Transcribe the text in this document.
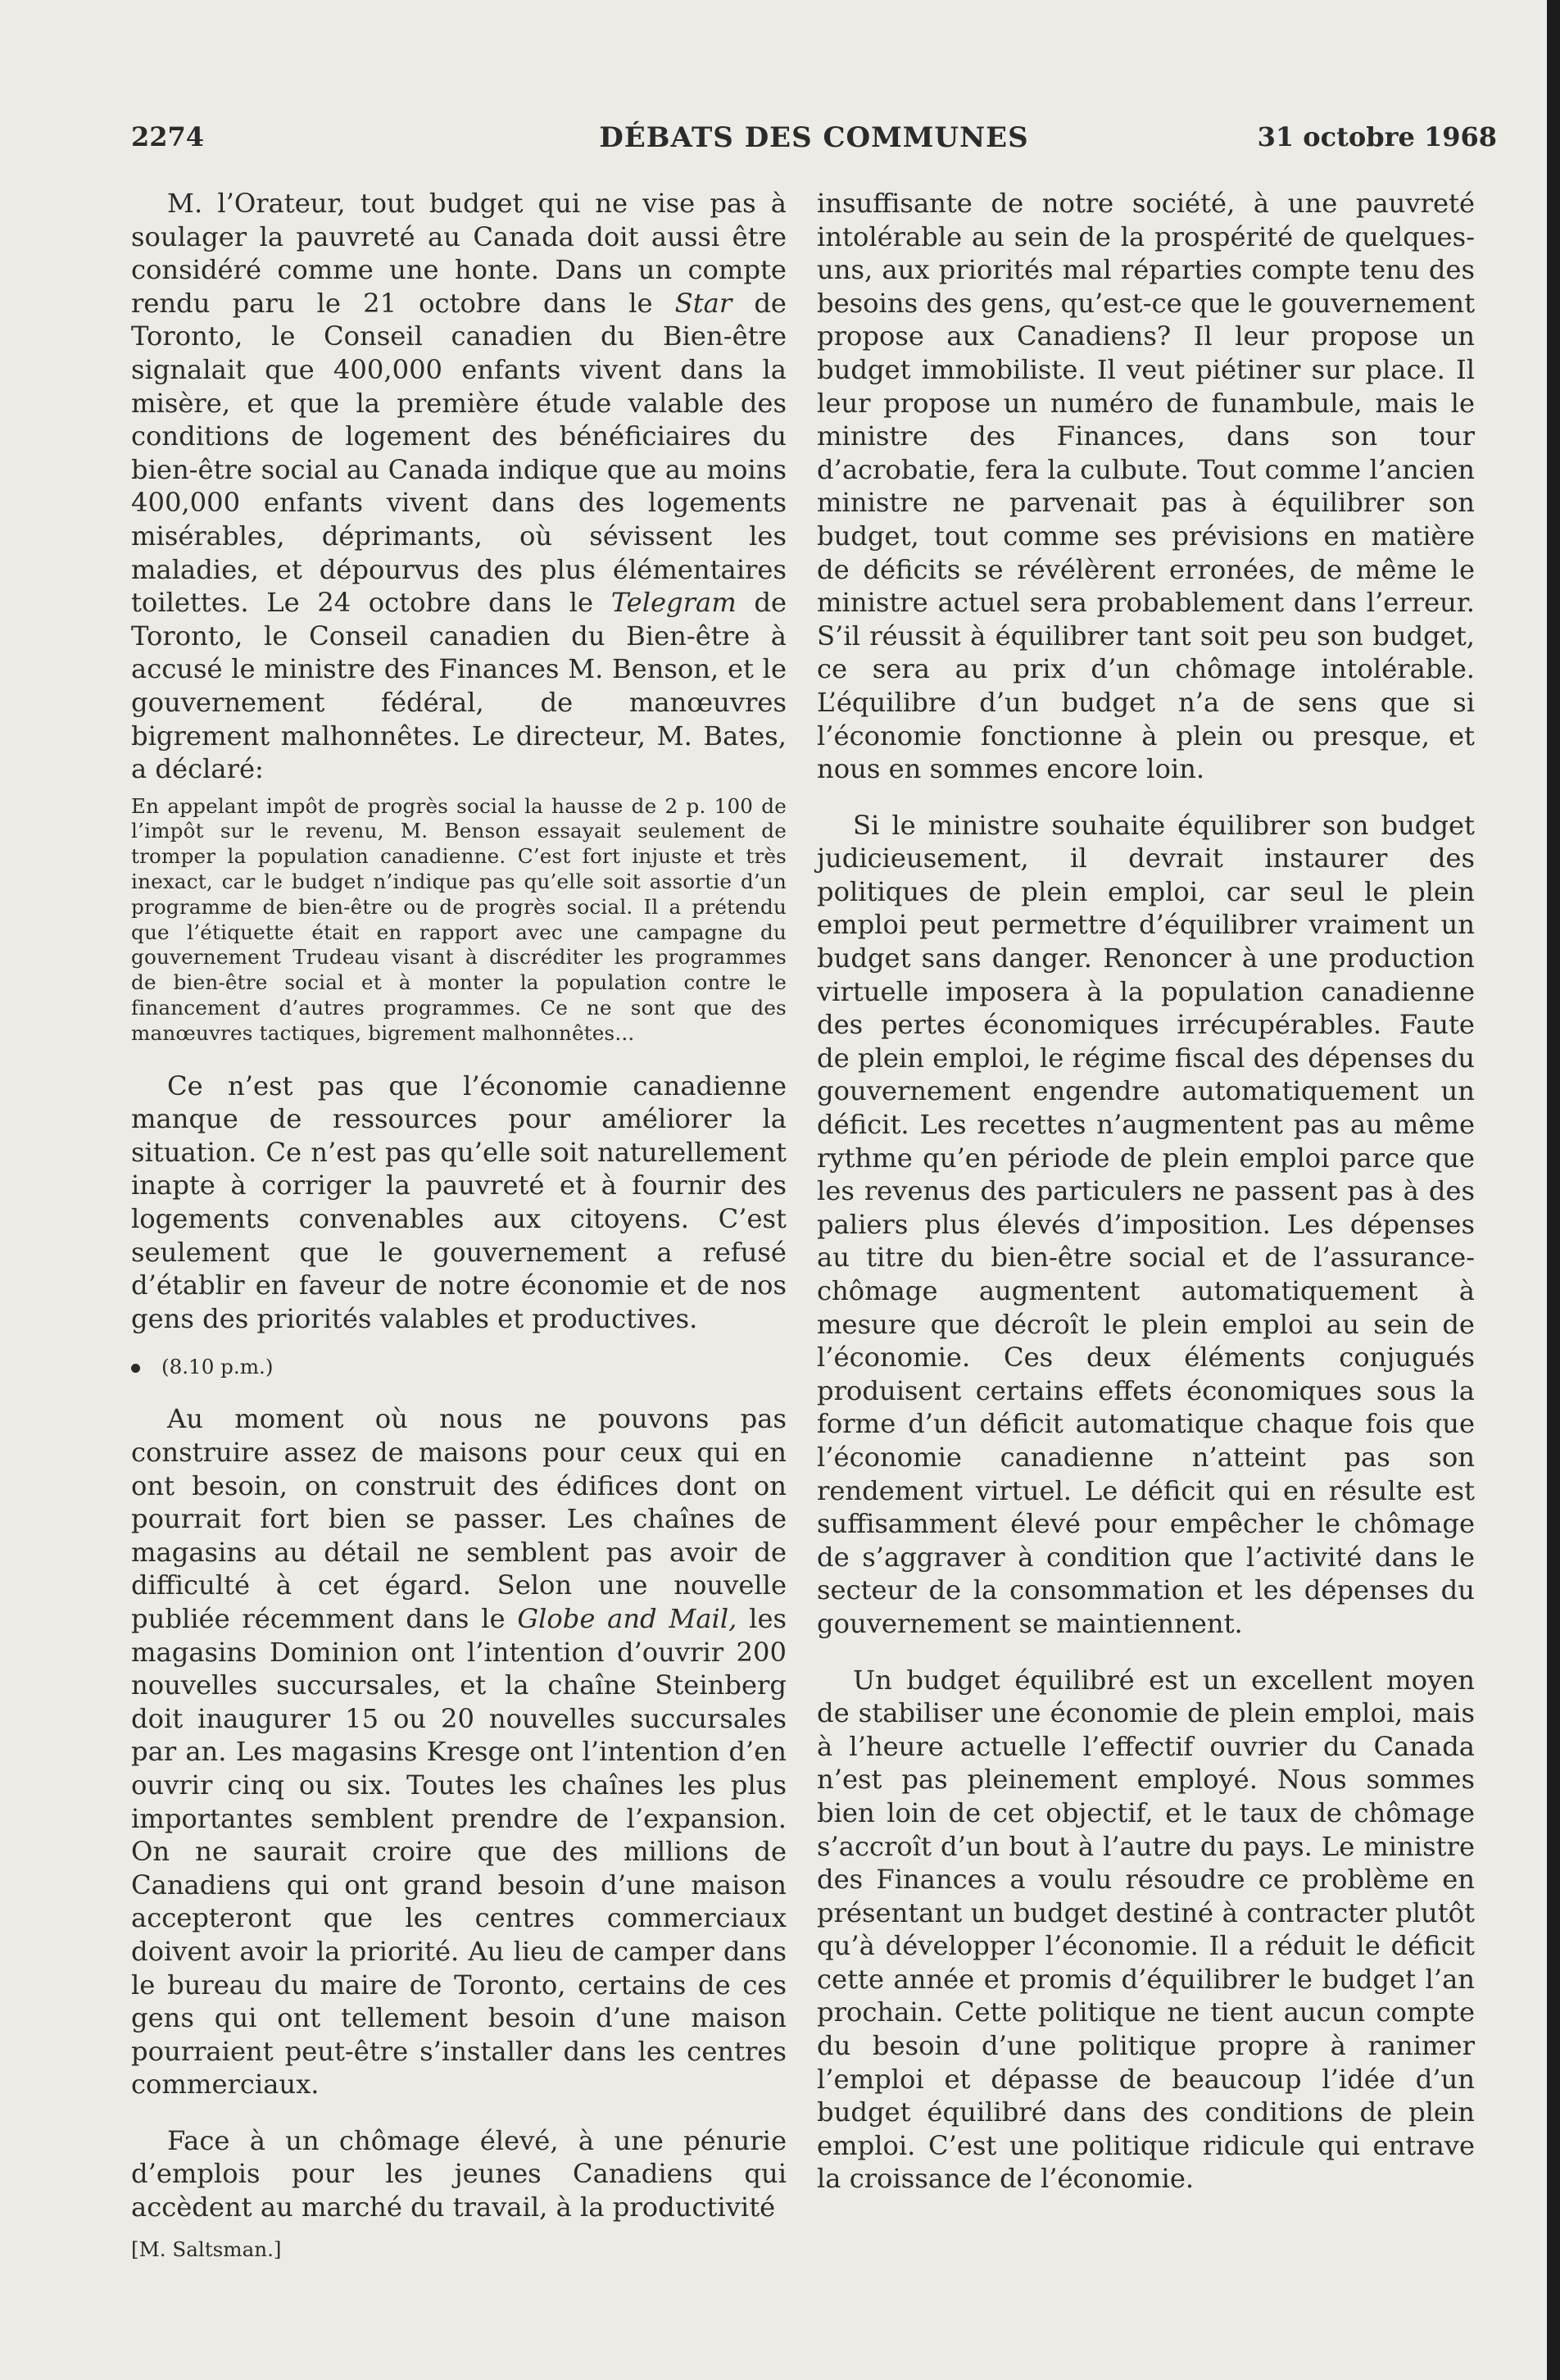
2274	DÉBATS DES COMMUNES	31 octobre 1968

M. l’Orateur, tout budget qui ne vise pas à soulager la pauvreté au Canada doit aussi être considéré comme une honte. Dans un compte rendu paru le 21 octobre dans le Star de Toronto, le Conseil canadien du Bien-être signalait que 400,000 enfants vivent dans la misère, et que la première étude valable des conditions de logement des bénéficiaires du bien-être social au Canada indique que au moins 400,000 enfants vivent dans des logements misérables, déprimants, où sévissent les maladies, et dépourvus des plus élémentaires toilettes. Le 24 octobre dans le Telegram de Toronto, le Conseil canadien du Bien-être à accusé le ministre des Finances M. Benson, et le gouvernement fédéral, de manœuvres bigrement malhonnêtes. Le directeur, M. Bates, a déclaré:

En appelant impôt de progrès social la hausse de 2 p. 100 de l’impôt sur le revenu, M. Benson essayait seulement de tromper la population canadienne. C’est fort injuste et très inexact, car le budget n’indique pas qu’elle soit assortie d’un programme de bien-être ou de progrès social. Il a prétendu que l’étiquette était en rapport avec une campagne du gouvernement Trudeau visant à discréditer les programmes de bien-être social et à monter la population contre le financement d’autres programmes. Ce ne sont que des manœuvres tactiques, bigrement malhonnêtes...

Ce n’est pas que l’économie canadienne manque de ressources pour améliorer la situation. Ce n’est pas qu’elle soit naturellement inapte à corriger la pauvreté et à fournir des logements convenables aux citoyens. C’est seulement que le gouvernement a refusé d’établir en faveur de notre économie et de nos gens des priorités valables et productives.

(8.10 p.m.)

Au moment où nous ne pouvons pas construire assez de maisons pour ceux qui en ont besoin, on construit des édifices dont on pourrait fort bien se passer. Les chaînes de magasins au détail ne semblent pas avoir de difficulté à cet égard. Selon une nouvelle publiée récemment dans le Globe and Mail, les magasins Dominion ont l’intention d’ouvrir 200 nouvelles succursales, et la chaîne Steinberg doit inaugurer 15 ou 20 nouvelles succursales par an. Les magasins Kresge ont l’intention d’en ouvrir cinq ou six. Toutes les chaînes les plus importantes semblent prendre de l’expansion. On ne saurait croire que des millions de Canadiens qui ont grand besoin d’une maison accepteront que les centres commerciaux doivent avoir la priorité. Au lieu de camper dans le bureau du maire de Toronto, certains de ces gens qui ont tellement besoin d’une maison pourraient peut-être s’installer dans les centres commerciaux.

Face à un chômage élevé, à une pénurie d’emplois pour les jeunes Canadiens qui accèdent au marché du travail, à la productivité

[M. Saltsman.]

insuffisante de notre société, à une pauvreté intolérable au sein de la prospérité de quelques-uns, aux priorités mal réparties compte tenu des besoins des gens, qu’est-ce que le gouvernement propose aux Canadiens? Il leur propose un budget immobiliste. Il veut piétiner sur place. Il leur propose un numéro de funambule, mais le ministre des Finances, dans son tour d’acrobatie, fera la culbute. Tout comme l’ancien ministre ne parvenait pas à équilibrer son budget, tout comme ses prévisions en matière de déficits se révélèrent erronées, de même le ministre actuel sera probablement dans l’erreur. S’il réussit à équilibrer tant soit peu son budget, ce sera au prix d’un chômage intolérable. L’équilibre d’un budget n’a de sens que si l’économie fonctionne à plein ou presque, et nous en sommes encore loin.

Si le ministre souhaite équilibrer son budget judicieusement, il devrait instaurer des politiques de plein emploi, car seul le plein emploi peut permettre d’équilibrer vraiment un budget sans danger. Renoncer à une production virtuelle imposera à la population canadienne des pertes économiques irrécupérables. Faute de plein emploi, le régime fiscal des dépenses du gouvernement engendre automatiquement un déficit. Les recettes n’augmentent pas au même rythme qu’en période de plein emploi parce que les revenus des particulers ne passent pas à des paliers plus élevés d’imposition. Les dépenses au titre du bien-être social et de l’assurance-chômage augmentent automatiquement à mesure que décroît le plein emploi au sein de l’économie. Ces deux éléments conjugués produisent certains effets économiques sous la forme d’un déficit automatique chaque fois que l’économie canadienne n’atteint pas son rendement virtuel. Le déficit qui en résulte est suffisamment élevé pour empêcher le chômage de s’aggraver à condition que l’activité dans le secteur de la consommation et les dépenses du gouvernement se maintiennent.

Un budget équilibré est un excellent moyen de stabiliser une économie de plein emploi, mais à l’heure actuelle l’effectif ouvrier du Canada n’est pas pleinement employé. Nous sommes bien loin de cet objectif, et le taux de chômage s’accroît d’un bout à l’autre du pays. Le ministre des Finances a voulu résoudre ce problème en présentant un budget destiné à contracter plutôt qu’à développer l’économie. Il a réduit le déficit cette année et promis d’équilibrer le budget l’an prochain. Cette politique ne tient aucun compte du besoin d’une politique propre à ranimer l’emploi et dépasse de beaucoup l’idée d’un budget équilibré dans des conditions de plein emploi. C’est une politique ridicule qui entrave la croissance de l’économie.
